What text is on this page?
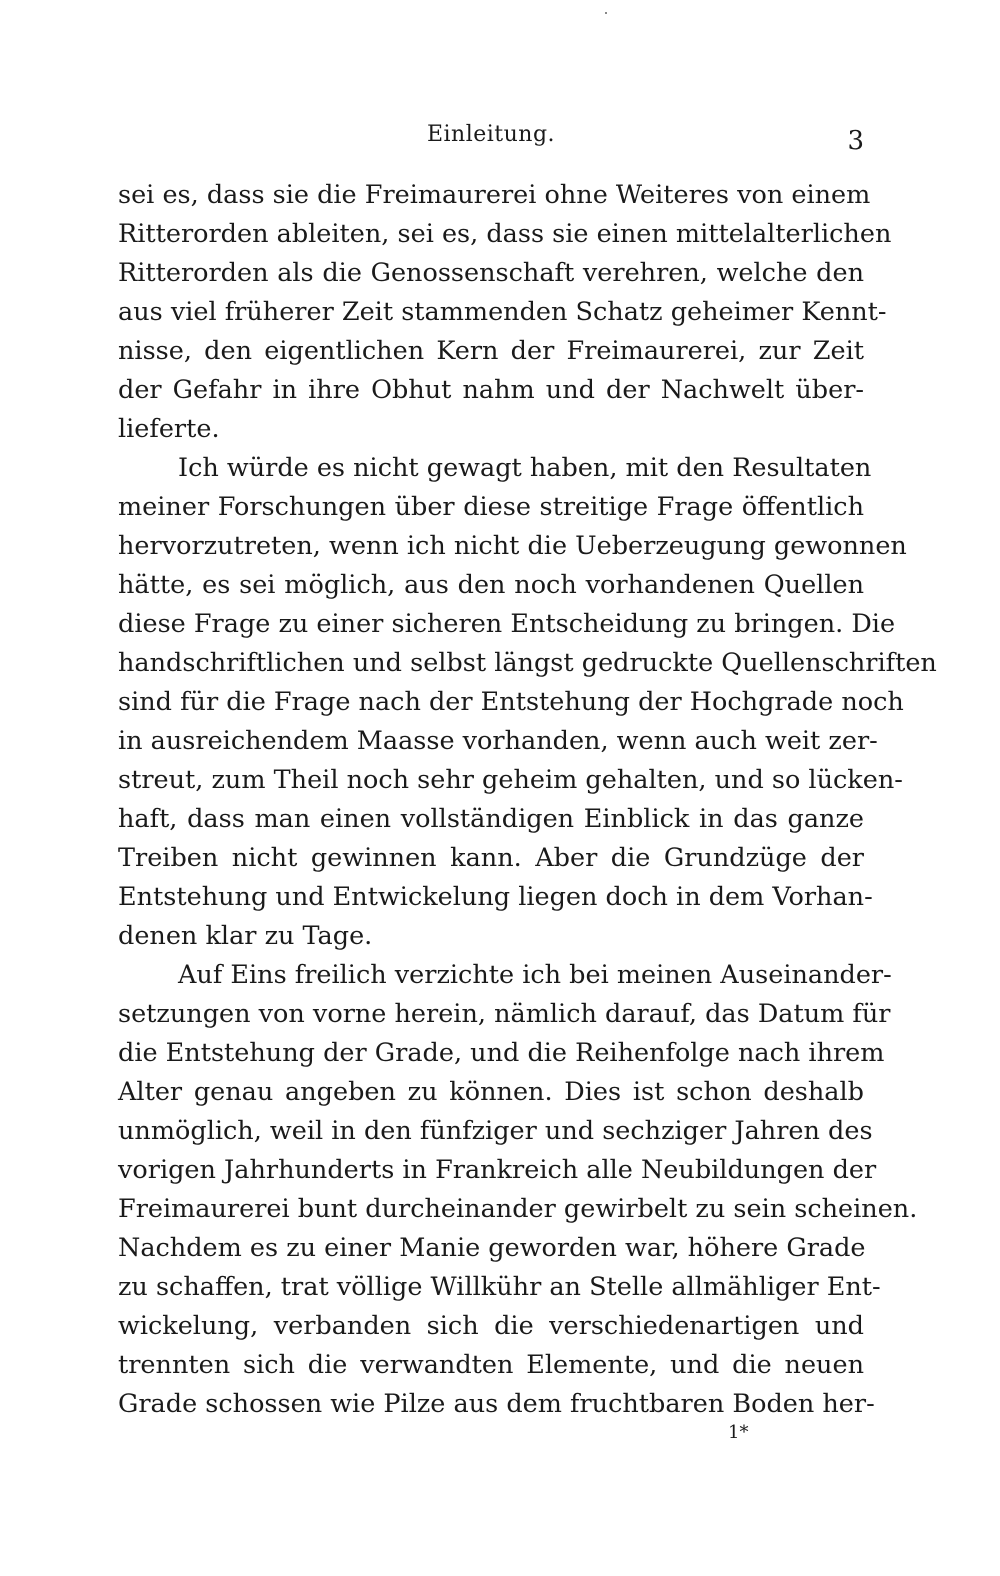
Einleitung.	3
sei es, dass sie die Freimaurerei ohne Weiteres von einem
Ritterorden ableiten, sei es, dass sie einen mittelalterlichen
Ritterorden als die Genossenschaft verehren, welche den
aus viel früherer Zeit stammenden Schatz geheimer Kennt-
nisse, den eigentlichen Kern der Freimaurerei, zur Zeit
der Gefahr in ihre Obhut nahm und der Nachwelt über-
lieferte.
Ich würde es nicht gewagt haben, mit den Resultaten
meiner Forschungen über diese streitige Frage öffentlich
hervorzutreten, wenn ich nicht die Ueberzeugung gewonnen
hätte, es sei möglich, aus den noch vorhandenen Quellen
diese Frage zu einer sicheren Entscheidung zu bringen. Die
handschriftlichen und selbst längst gedruckte Quellenschriften
sind für die Frage nach der Entstehung der Hochgrade noch
in ausreichendem Maasse vorhanden, wenn auch weit zer-
streut, zum Theil noch sehr geheim gehalten, und so lücken-
haft, dass man einen vollständigen Einblick in das ganze
Treiben nicht gewinnen kann. Aber die Grundzüge der
Entstehung und Entwickelung liegen doch in dem Vorhan-
denen klar zu Tage.
Auf Eins freilich verzichte ich bei meinen Auseinander-
setzungen von vorne herein, nämlich darauf, das Datum für
die Entstehung der Grade, und die Reihenfolge nach ihrem
Alter genau angeben zu können. Dies ist schon deshalb
unmöglich, weil in den fünfziger und sechziger Jahren des
vorigen Jahrhunderts in Frankreich alle Neubildungen der
Freimaurerei bunt durcheinander gewirbelt zu sein scheinen.
Nachdem es zu einer Manie geworden war, höhere Grade
zu schaffen, trat völlige Willkühr an Stelle allmähliger Ent-
wickelung, verbanden sich die verschiedenartigen und
trennten sich die verwandten Elemente, und die neuen
Grade schossen wie Pilze aus dem fruchtbaren Boden her-
1*
